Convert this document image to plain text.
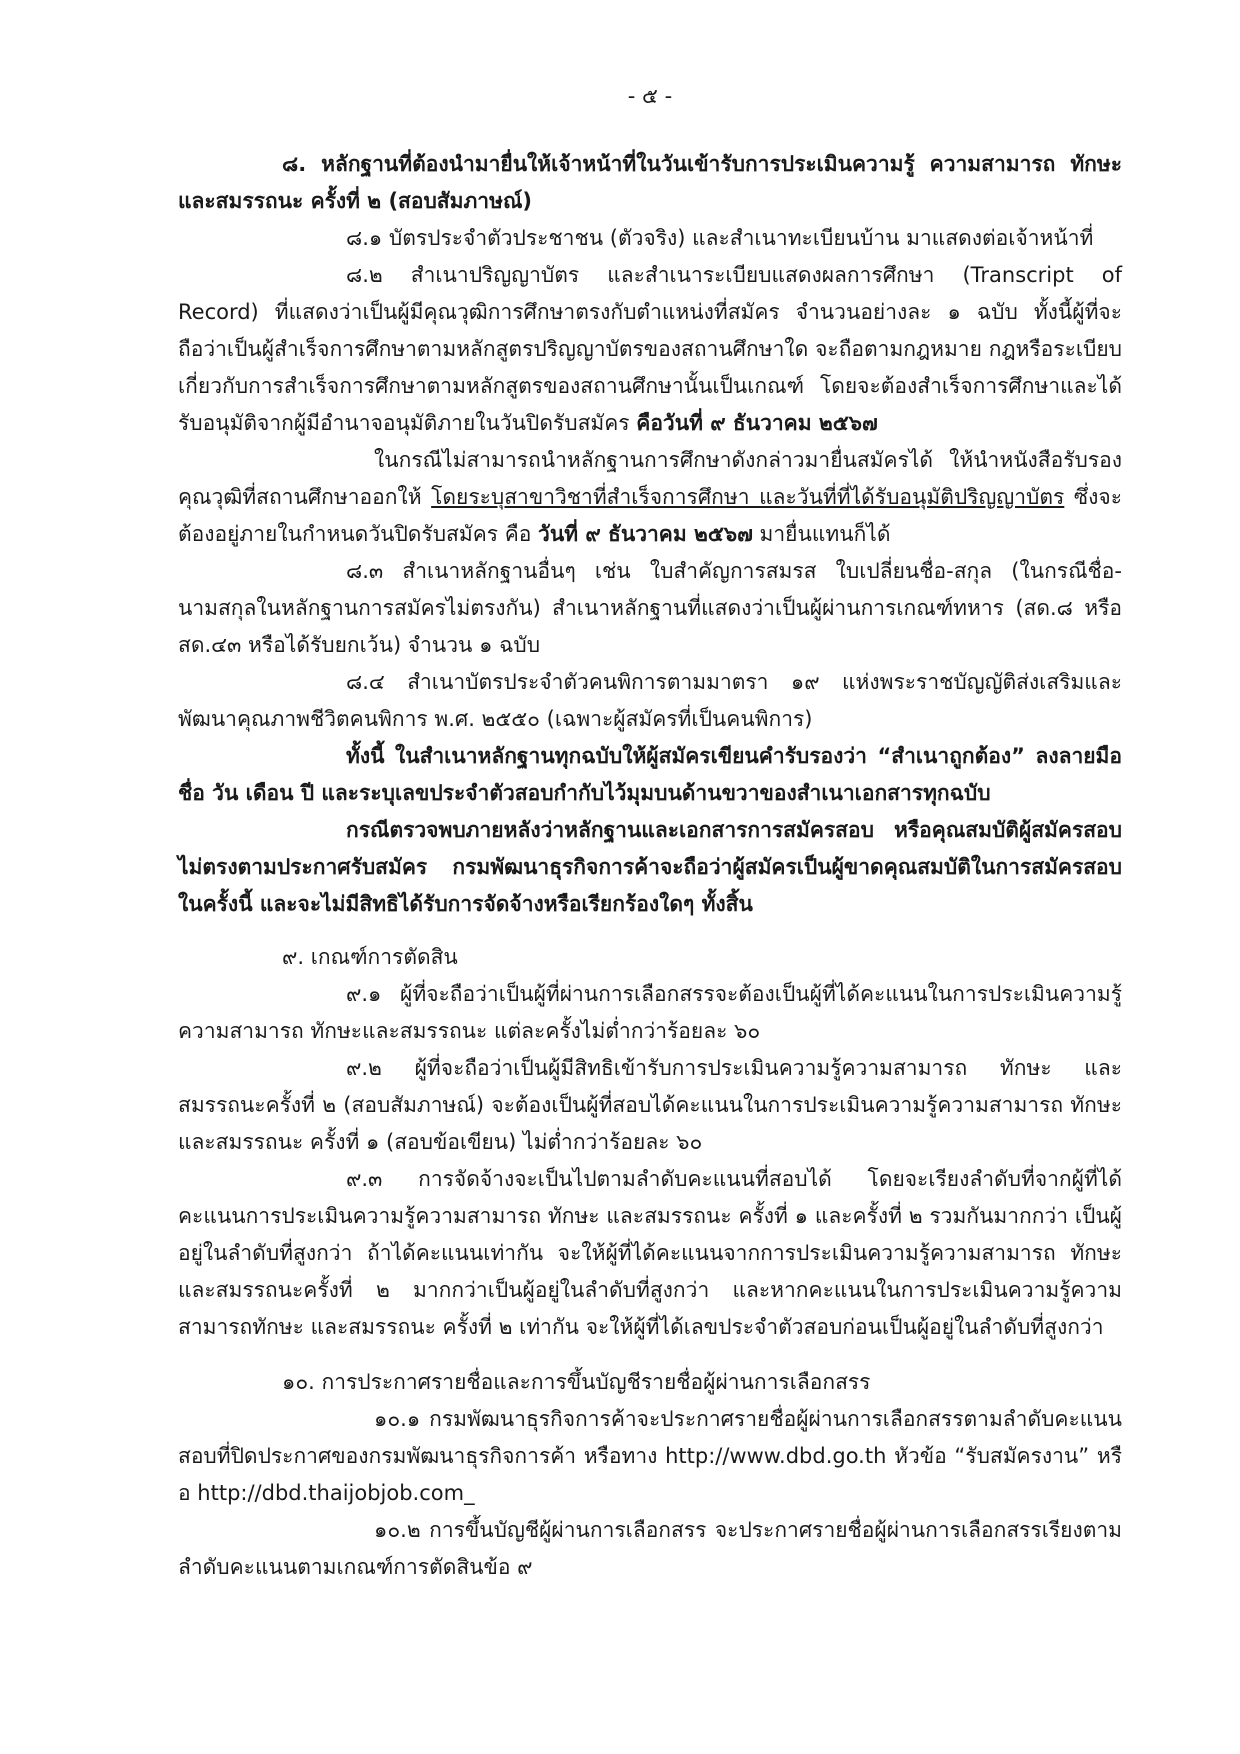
- ๕ -

๘. หลักฐานที่ต้องนำมายื่นให้เจ้าหน้าที่ในวันเข้ารับการประเมินความรู้ ความสามารถ ทักษะ และสมรรถนะ ครั้งที่ ๒ (สอบสัมภาษณ์)

๘.๑ บัตรประจำตัวประชาชน (ตัวจริง) และสำเนาทะเบียนบ้าน มาแสดงต่อเจ้าหน้าที่

๘.๒ สำเนาปริญญาบัตร และสำเนาระเบียบแสดงผลการศึกษา (Transcript of Record) ที่แสดงว่าเป็นผู้มีคุณวุฒิการศึกษาตรงกับตำแหน่งที่สมัคร จำนวนอย่างละ ๑ ฉบับ ทั้งนี้ผู้ที่จะถือว่าเป็นผู้สำเร็จการศึกษาตามหลักสูตรปริญญาบัตรของสถานศึกษาใด จะถือตามกฎหมาย กฎหรือระเบียบเกี่ยวกับการสำเร็จการศึกษาตามหลักสูตรของสถานศึกษานั้นเป็นเกณฑ์ โดยจะต้องสำเร็จการศึกษาและได้รับอนุมัติจากผู้มีอำนาจอนุมัติภายในวันปิดรับสมัคร คือวันที่ ๙ ธันวาคม ๒๕๖๗

ในกรณีไม่สามารถนำหลักฐานการศึกษาดังกล่าวมายื่นสมัครได้ ให้นำหนังสือรับรองคุณวุฒิที่สถานศึกษาออกให้ โดยระบุสาขาวิชาที่สำเร็จการศึกษา และวันที่ที่ได้รับอนุมัติปริญญาบัตร ซึ่งจะต้องอยู่ภายในกำหนดวันปิดรับสมัคร คือ วันที่ ๙ ธันวาคม ๒๕๖๗ มายื่นแทนก็ได้

๘.๓ สำเนาหลักฐานอื่นๆ เช่น ใบสำคัญการสมรส ใบเปลี่ยนชื่อ-สกุล (ในกรณีชื่อ-นามสกุลในหลักฐานการสมัครไม่ตรงกัน) สำเนาหลักฐานที่แสดงว่าเป็นผู้ผ่านการเกณฑ์ทหาร (สด.๘ หรือ สด.๔๓ หรือได้รับยกเว้น) จำนวน ๑ ฉบับ

๘.๔ สำเนาบัตรประจำตัวคนพิการตามมาตรา ๑๙ แห่งพระราชบัญญัติส่งเสริมและพัฒนาคุณภาพชีวิตคนพิการ พ.ศ. ๒๕๕๐ (เฉพาะผู้สมัครที่เป็นคนพิการ)

ทั้งนี้ ในสำเนาหลักฐานทุกฉบับให้ผู้สมัครเขียนคำรับรองว่า “สำเนาถูกต้อง” ลงลายมือชื่อ วัน เดือน ปี และระบุเลขประจำตัวสอบกำกับไว้มุมบนด้านขวาของสำเนาเอกสารทุกฉบับ

กรณีตรวจพบภายหลังว่าหลักฐานและเอกสารการสมัครสอบ หรือคุณสมบัติผู้สมัครสอบไม่ตรงตามประกาศรับสมัคร กรมพัฒนาธุรกิจการค้าจะถือว่าผู้สมัครเป็นผู้ขาดคุณสมบัติในการสมัครสอบในครั้งนี้ และจะไม่มีสิทธิได้รับการจัดจ้างหรือเรียกร้องใดๆ ทั้งสิ้น

๙. เกณฑ์การตัดสิน

๙.๑ ผู้ที่จะถือว่าเป็นผู้ที่ผ่านการเลือกสรรจะต้องเป็นผู้ที่ได้คะแนนในการประเมินความรู้ความสามารถ ทักษะและสมรรถนะ แต่ละครั้งไม่ต่ำกว่าร้อยละ ๖๐

๙.๒ ผู้ที่จะถือว่าเป็นผู้มีสิทธิเข้ารับการประเมินความรู้ความสามารถ ทักษะ และสมรรถนะครั้งที่ ๒ (สอบสัมภาษณ์) จะต้องเป็นผู้ที่สอบได้คะแนนในการประเมินความรู้ความสามารถ ทักษะ และสมรรถนะ ครั้งที่ ๑ (สอบข้อเขียน) ไม่ต่ำกว่าร้อยละ ๖๐

๙.๓ การจัดจ้างจะเป็นไปตามลำดับคะแนนที่สอบได้ โดยจะเรียงลำดับที่จากผู้ที่ได้คะแนนการประเมินความรู้ความสามารถ ทักษะ และสมรรถนะ ครั้งที่ ๑ และครั้งที่ ๒ รวมกันมากกว่า เป็นผู้อยู่ในลำดับที่สูงกว่า ถ้าได้คะแนนเท่ากัน จะให้ผู้ที่ได้คะแนนจากการประเมินความรู้ความสามารถ ทักษะ และสมรรถนะครั้งที่ ๒ มากกว่าเป็นผู้อยู่ในลำดับที่สูงกว่า และหากคะแนนในการประเมินความรู้ความสามารถทักษะ และสมรรถนะ ครั้งที่ ๒ เท่ากัน จะให้ผู้ที่ได้เลขประจำตัวสอบก่อนเป็นผู้อยู่ในลำดับที่สูงกว่า

๑๐. การประกาศรายชื่อและการขึ้นบัญชีรายชื่อผู้ผ่านการเลือกสรร

๑๐.๑ กรมพัฒนาธุรกิจการค้าจะประกาศรายชื่อผู้ผ่านการเลือกสรรตามลำดับคะแนนสอบที่ปิดประกาศของกรมพัฒนาธุรกิจการค้า หรือทาง http://www.dbd.go.th หัวข้อ “รับสมัครงาน” หรือ http://dbd.thaijobjob.com_

๑๐.๒ การขึ้นบัญชีผู้ผ่านการเลือกสรร จะประกาศรายชื่อผู้ผ่านการเลือกสรรเรียงตามลำดับคะแนนตามเกณฑ์การตัดสินข้อ ๙
